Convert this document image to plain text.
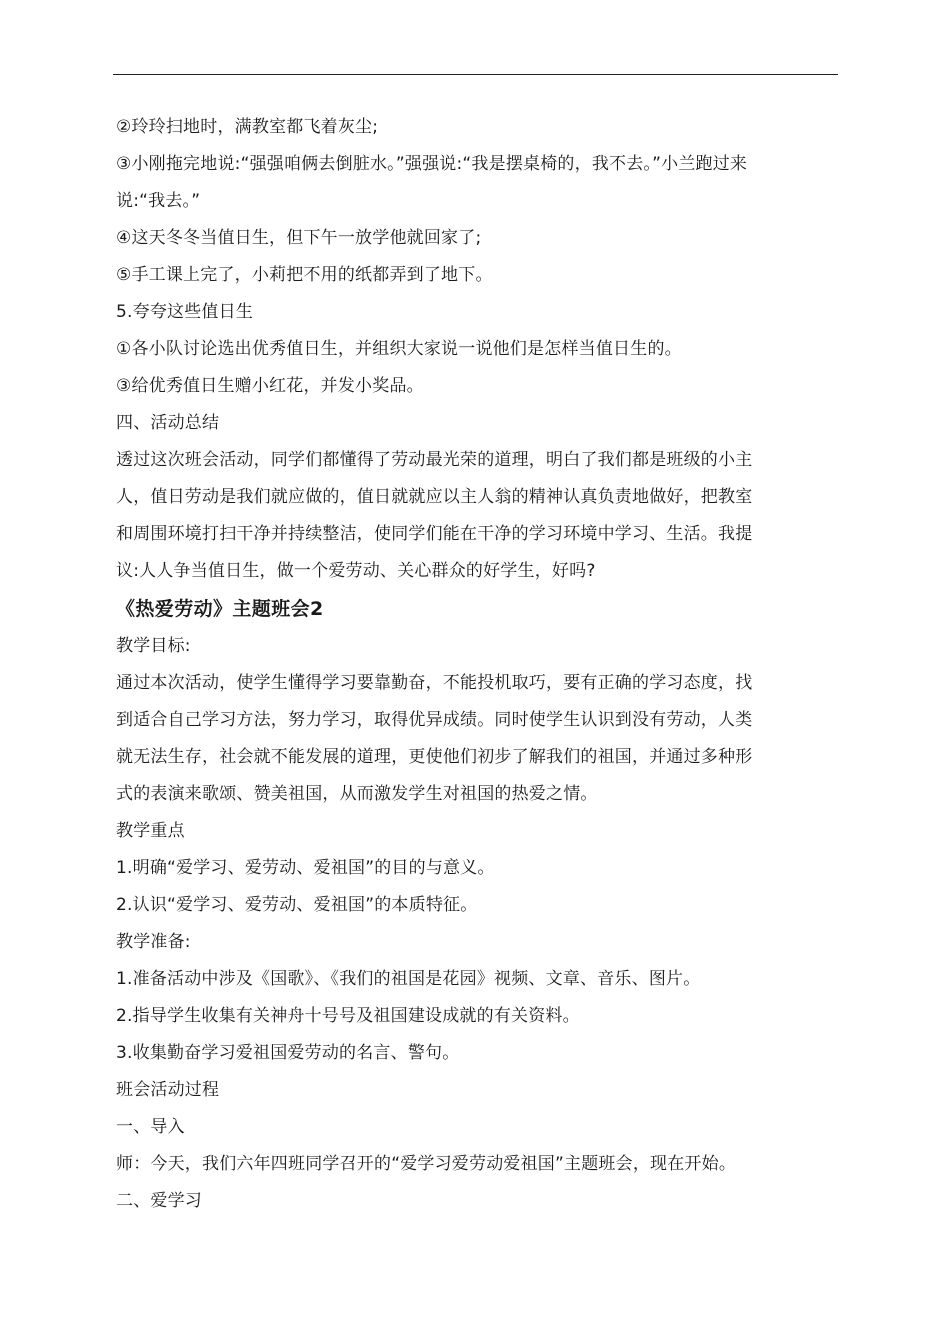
②玲玲扫地时，满教室都飞着灰尘;
③小刚拖完地说:“强强咱俩去倒脏水。”强强说:“我是摆桌椅的，我不去。”小兰跑过来
说:“我去。”
④这天冬冬当值日生，但下午一放学他就回家了;
⑤手工课上完了，小莉把不用的纸都弄到了地下。
5.夸夸这些值日生
①各小队讨论选出优秀值日生，并组织大家说一说他们是怎样当值日生的。
③给优秀值日生赠小红花，并发小奖品。
四、活动总结
透过这次班会活动，同学们都懂得了劳动最光荣的道理，明白了我们都是班级的小主
人，值日劳动是我们就应做的，值日就就应以主人翁的精神认真负责地做好，把教室
和周围环境打扫干净并持续整洁，使同学们能在干净的学习环境中学习、生活。我提
议:人人争当值日生，做一个爱劳动、关心群众的好学生，好吗?
《热爱劳动》主题班会2
教学目标:
通过本次活动，使学生懂得学习要靠勤奋，不能投机取巧，要有正确的学习态度，找
到适合自己学习方法，努力学习，取得优异成绩。同时使学生认识到没有劳动，人类
就无法生存，社会就不能发展的道理，更使他们初步了解我们的祖国，并通过多种形
式的表演来歌颂、赞美祖国，从而激发学生对祖国的热爱之情。
教学重点
1.明确“爱学习、爱劳动、爱祖国”的目的与意义。
2.认识“爱学习、爱劳动、爱祖国”的本质特征。
教学准备:
1.准备活动中涉及《国歌》、《我们的祖国是花园》视频、文章、音乐、图片。
2.指导学生收集有关神舟十号号及祖国建设成就的有关资料。
3.收集勤奋学习爱祖国爱劳动的名言、警句。
班会活动过程
一、导入
师：今天，我们六年四班同学召开的“爱学习爱劳动爱祖国”主题班会，现在开始。
二、爱学习
